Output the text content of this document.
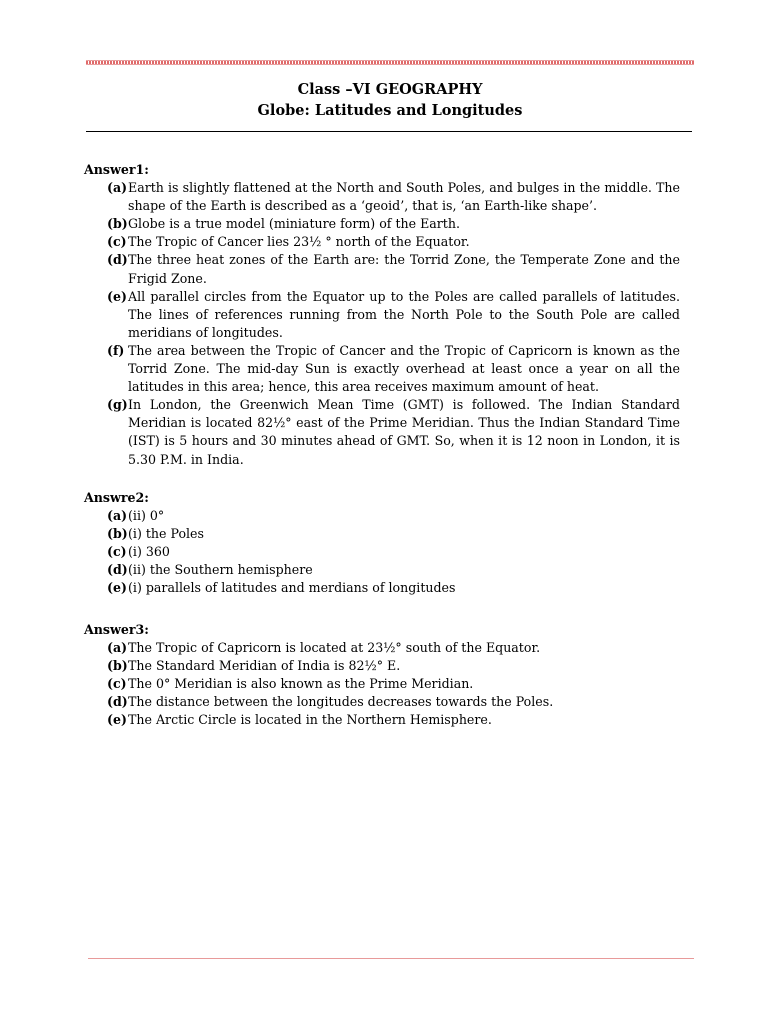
Class –VI GEOGRAPHY
Globe: Latitudes and Longitudes
Answer1:
(a) Earth is slightly flattened at the North and South Poles, and bulges in the middle. The shape of the Earth is described as a ‘geoid’, that is, ‘an Earth-like shape’.
(b) Globe is a true model (miniature form) of the Earth.
(c) The Tropic of Cancer lies 23½ ° north of the Equator.
(d) The three heat zones of the Earth are: the Torrid Zone, the Temperate Zone and the Frigid Zone.
(e) All parallel circles from the Equator up to the Poles are called parallels of latitudes. The lines of references running from the North Pole to the South Pole are called meridians of longitudes.
(f) The area between the Tropic of Cancer and the Tropic of Capricorn is known as the Torrid Zone. The mid-day Sun is exactly overhead at least once a year on all the latitudes in this area; hence, this area receives maximum amount of heat.
(g) In London, the Greenwich Mean Time (GMT) is followed. The Indian Standard Meridian is located 82½° east of the Prime Meridian. Thus the Indian Standard Time (IST) is 5 hours and 30 minutes ahead of GMT. So, when it is 12 noon in London, it is 5.30 P.M. in India.
Answre2:
(a) (ii) 0°
(b) (i) the Poles
(c) (i) 360
(d) (ii) the Southern hemisphere
(e) (i) parallels of latitudes and merdians of longitudes
Answer3:
(a) The Tropic of Capricorn is located at 23½° south of the Equator.
(b) The Standard Meridian of India is 82½° E.
(c) The 0° Meridian is also known as the Prime Meridian.
(d) The distance between the longitudes decreases towards the Poles.
(e) The Arctic Circle is located in the Northern Hemisphere.
